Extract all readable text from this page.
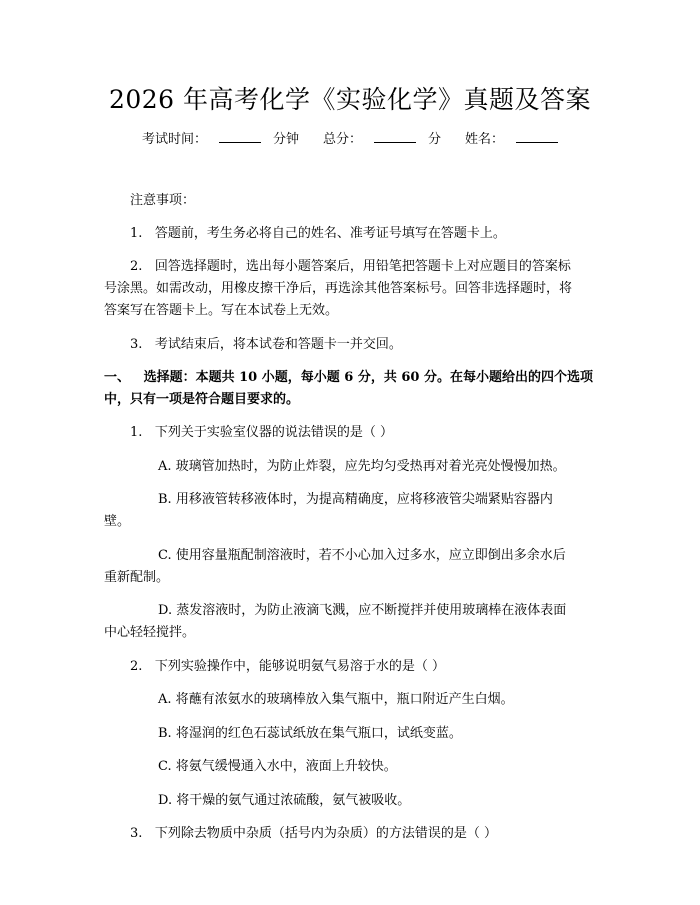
2026 年高考化学《实验化学》真题及答案
考试时间：	分钟 总分：	分 姓名：
注意事项：
1. 答题前，考生务必将自己的姓名、准考证号填写在答题卡上。
2. 回答选择题时，选出每小题答案后，用铅笔把答题卡上对应题目的答案标
号涂黑。如需改动，用橡皮擦干净后，再选涂其他答案标号。回答非选择题时，将
答案写在答题卡上。写在本试卷上无效。
3. 考试结束后，将本试卷和答题卡一并交回。
一、 选择题：本题共 10 小题，每小题 6 分，共 60 分。在每小题给出的四个选项
中，只有一项是符合题目要求的。
1. 下列关于实验室仪器的说法错误的是（ ）
A. 玻璃管加热时，为防止炸裂，应先均匀受热再对着光亮处慢慢加热。
B. 用移液管转移液体时，为提高精确度，应将移液管尖端紧贴容器内
壁。
C. 使用容量瓶配制溶液时，若不小心加入过多水，应立即倒出多余水后
重新配制。
D. 蒸发溶液时，为防止液滴飞溅，应不断搅拌并使用玻璃棒在液体表面
中心轻轻搅拌。
2. 下列实验操作中，能够说明氨气易溶于水的是（ ）
A. 将蘸有浓氨水的玻璃棒放入集气瓶中，瓶口附近产生白烟。
B. 将湿润的红色石蕊试纸放在集气瓶口，试纸变蓝。
C. 将氨气缓慢通入水中，液面上升较快。
D. 将干燥的氨气通过浓硫酸，氨气被吸收。
3. 下列除去物质中杂质（括号内为杂质）的方法错误的是（ ）
